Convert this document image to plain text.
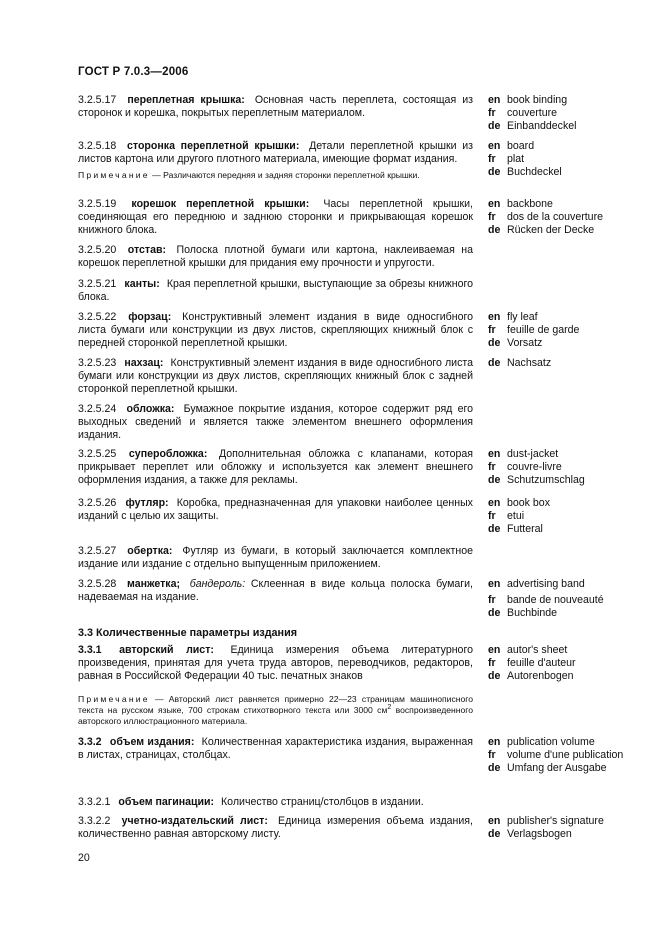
ГОСТ Р 7.0.3—2006
3.2.5.17 переплетная крышка: Основная часть переплета, состоящая из сторонок и корешка, покрытых переплетным материалом.
en book binding
fr	couverture
de Einbanddeckel
3.2.5.18 сторонка переплетной крышки: Детали переплетной крышки из листов картона или другого плотного материала, имеющие формат издания.
en board
fr	plat
de Buchdeckel
Примечание — Различаются передняя и задняя сторонки переплетной крышки.
3.2.5.19 корешок переплетной крышки: Часы переплетной крышки, соединяющая его переднюю и заднюю сторонки и прикрывающая корешок книжного блока.
en backbone
fr	dos de la couverture
de Rücken der Decke
3.2.5.20 отстав: Полоска плотной бумаги или картона, наклеиваемая на корешок переплетной крышки для придания ему прочности и упругости.
3.2.5.21 канты: Края переплетной крышки, выступающие за обрезы книжного блока.
3.2.5.22 форзац: Конструктивный элемент издания в виде односгибного листа бумаги или конструкции из двух листов, скрепляющих книжный блок с передней сторонкой переплетной крышки.
en fly leaf
fr	feuille de garde
de Vorsatz
3.2.5.23 нахзац: Конструктивный элемент издания в виде односгибного листа бумаги или конструкции из двух листов, скрепляющих книжный блок с задней сторонкой переплетной крышки.
de Nachsatz
3.2.5.24 обложка: Бумажное покрытие издания, которое содержит ряд его выходных сведений и является также элементом внешнего оформления издания.
3.2.5.25 суперобложка: Дополнительная обложка с клапанами, которая прикрывает переплет или обложку и используется как элемент внешнего оформления издания, а также для рекламы.
en dust-jacket
fr	couvre-livre
de Schutzumschlag
3.2.5.26 футляр: Коробка, предназначенная для упаковки наиболее ценных изданий с целью их защиты.
en book box
fr	etui
de Futteral
3.2.5.27 обертка: Футляр из бумаги, в который заключается комплектное издание или издание с отдельно выпущенным приложением.
3.2.5.28 манжетка; бандероль: Склеенная в виде кольца полоска бумаги, надеваемая на издание.
en advertising band
fr	bande de nouveauté
de Buchbinde
3.3 Количественные параметры издания
3.3.1 авторский лист: Единица измерения объема литературного произведения, принятая для учета труда авторов, переводчиков, редакторов, равная в Российской Федерации 40 тыс. печатных знаков
en autor's sheet
fr	feuille d'auteur
de Autorenbogen
Примечание — Авторский лист равняется примерно 22—23 страницам машинописного текста на русском языке, 700 строкам стихотворного текста или 3000 $см^2$ воспроизведенного авторского иллюстрационного материала.
3.3.2 объем издания: Количественная характеристика издания, выраженная в листах, страницах, столбцах.
en publication volume
fr	volume d'une publication
de Umfang der Ausgabe
3.3.2.1 объем пагинации: Количество страниц/столбцов в издании.
3.3.2.2 учетно-издательский лист: Единица измерения объема издания, количественно равная авторскому листу.
en publisher's signature
de Verlagsbogen
20
